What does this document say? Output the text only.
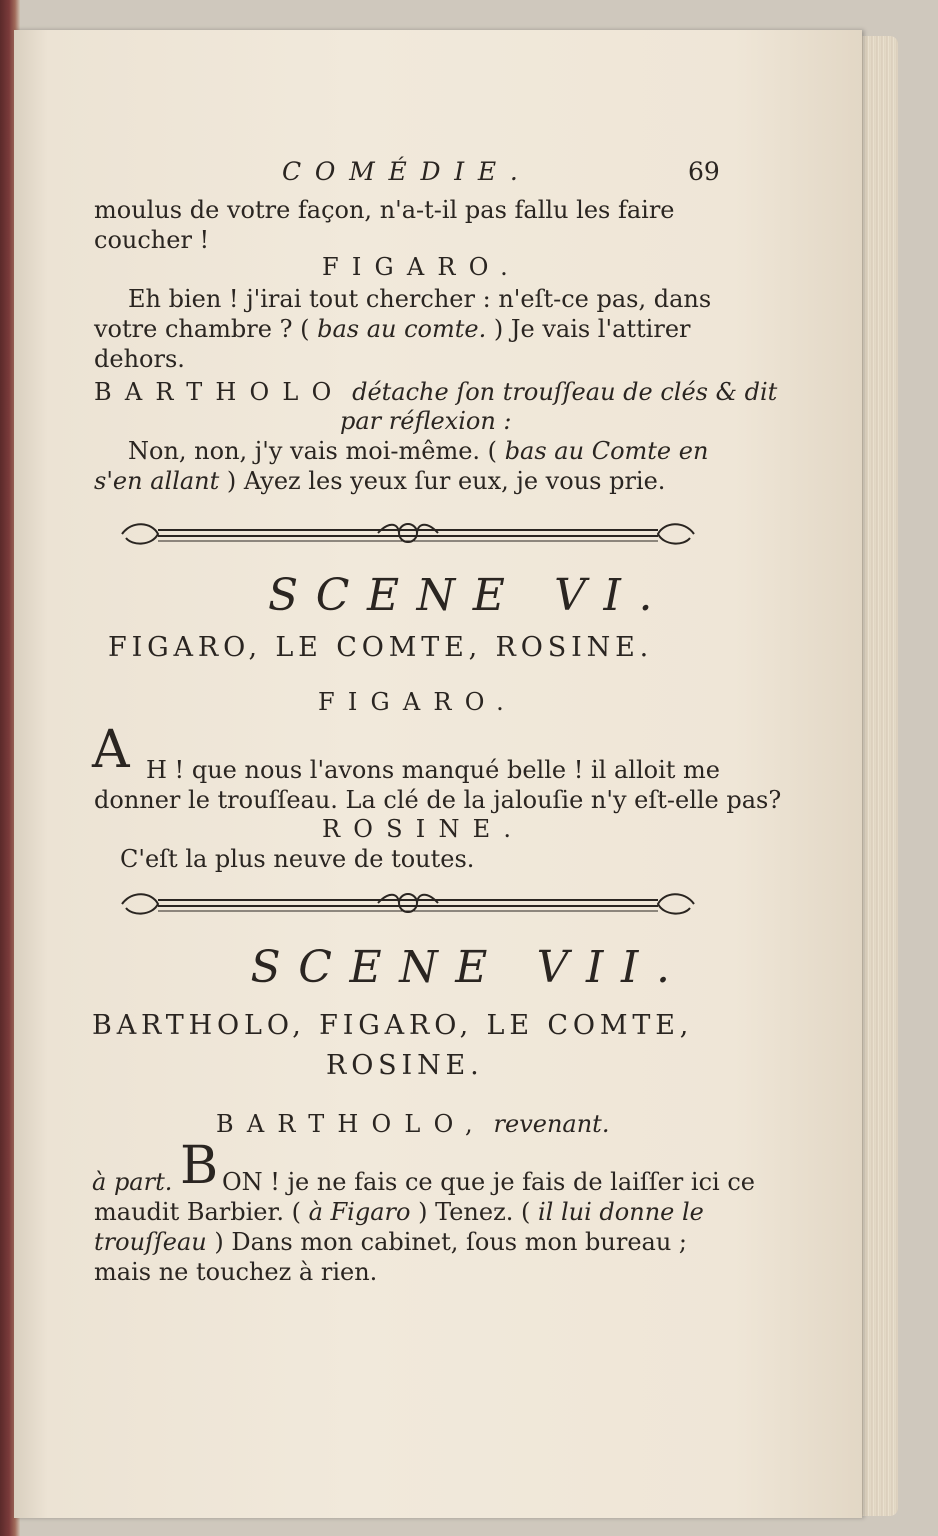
COMÉDIE.	69
moulus de votre façon, n'a-t-il pas fallu les faire
coucher !
FIGARO.
Eh bien ! j'irai tout chercher : n'eſt-ce pas, dans
votre chambre ? ( bas au comte. ) Je vais l'attirer
dehors.
BARTHOLO détache ſon trouſſeau de clés & dit
par réflexion :
Non, non, j'y vais moi-même. ( bas au Comte en
s'en allant ) Ayez les yeux ſur eux, je vous prie.
SCENE VI.
FIGARO, LE COMTE, ROSINE.
FIGARO.
A H ! que nous l'avons manqué belle ! il alloit me
donner le trouſſeau. La clé de la jalouſie n'y eſt-elle pas?
ROSINE.
C'eſt la plus neuve de toutes.
SCENE VII.
BARTHOLO, FIGARO, LE COMTE,
ROSINE.
BARTHOLO, revenant.
à part. B ON ! je ne fais ce que je fais de laiſſer ici ce
maudit Barbier. ( à Figaro ) Tenez. ( il lui donne le
trouſſeau ) Dans mon cabinet, ſous mon bureau ;
mais ne touchez à rien.
